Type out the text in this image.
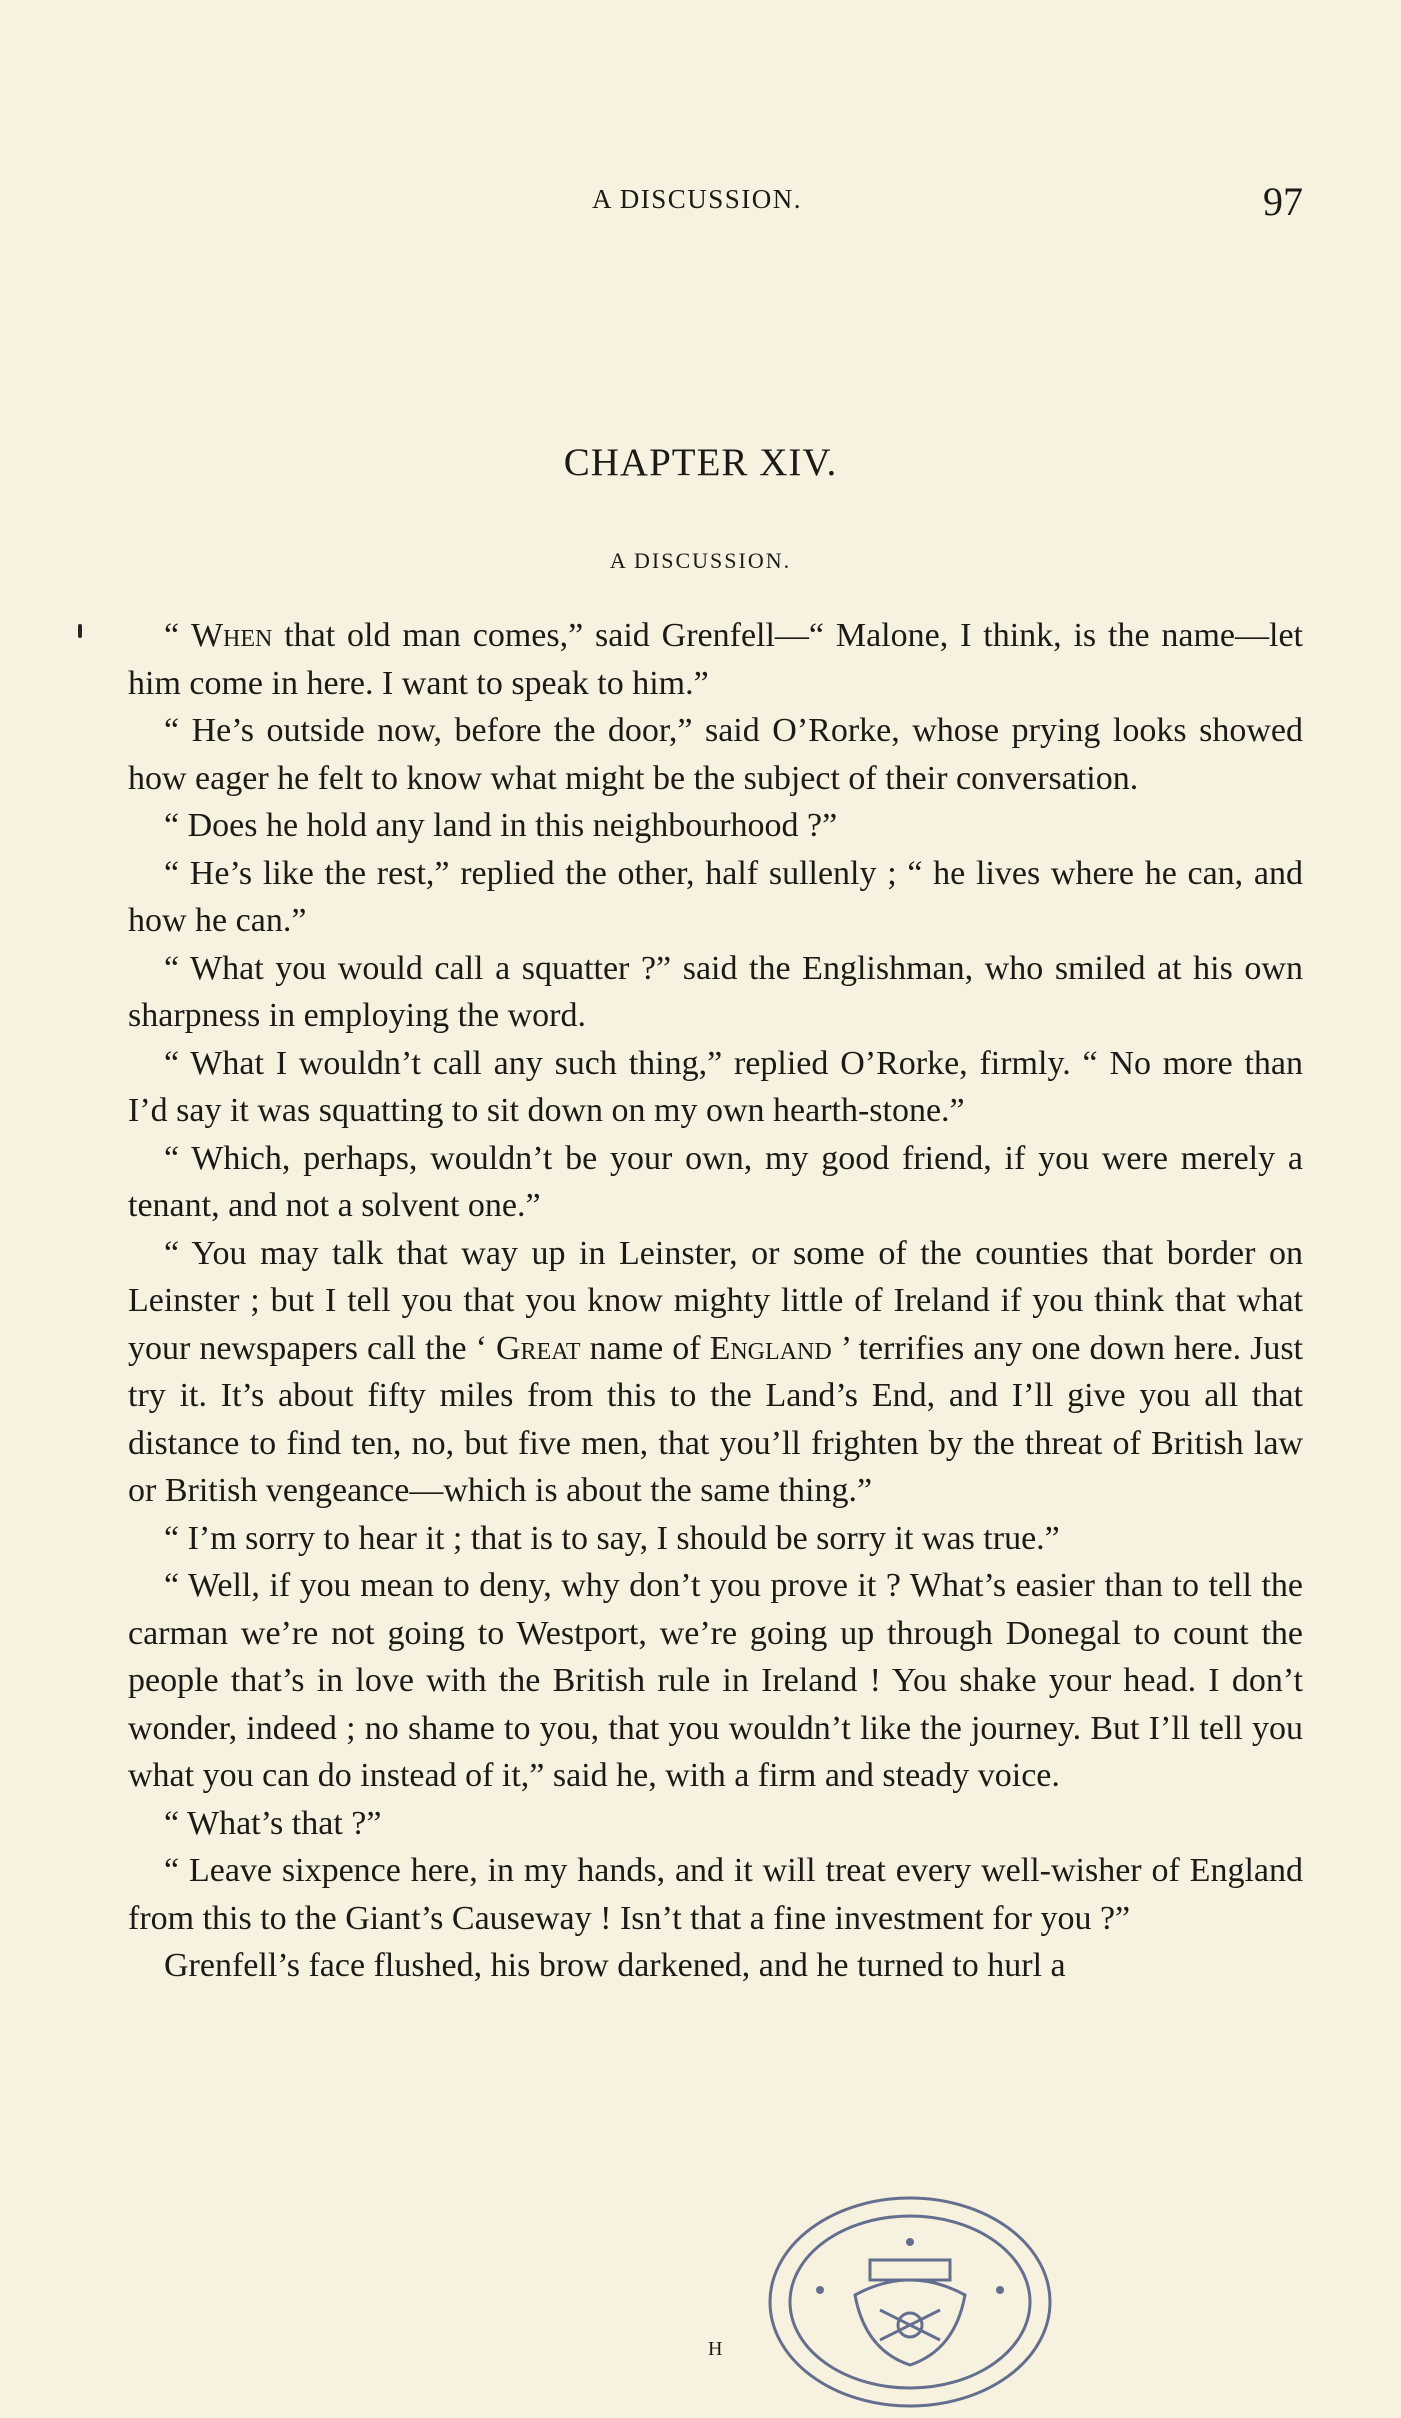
A DISCUSSION.	97
CHAPTER XIV.
A DISCUSSION.

“ When that old man comes,” said Grenfell—“ Malone, I think, is the name—let him come in here. I want to speak to him.”

“ He’s outside now, before the door,” said O’Rorke, whose prying looks showed how eager he felt to know what might be the subject of their conversation.

“ Does he hold any land in this neighbourhood ?”

“ He’s like the rest,” replied the other, half sullenly ; “ he lives where he can, and how he can.”

“ What you would call a squatter ?” said the Englishman, who smiled at his own sharpness in employing the word.

“ What I wouldn’t call any such thing,” replied O’Rorke, firmly. “ No more than I’d say it was squatting to sit down on my own hearth-stone.”

“ Which, perhaps, wouldn’t be your own, my good friend, if you were merely a tenant, and not a solvent one.”

“ You may talk that way up in Leinster, or some of the counties that border on Leinster ; but I tell you that you know mighty little of Ireland if you think that what your newspapers call the ‘ Great name of England ’ terrifies any one down here. Just try it. It’s about fifty miles from this to the Land’s End, and I’ll give you all that distance to find ten, no, but five men, that you’ll frighten by the threat of British law or British vengeance—which is about the same thing.”

“ I’m sorry to hear it ; that is to say, I should be sorry it was true.”

“ Well, if you mean to deny, why don’t you prove it ? What’s easier than to tell the carman we’re not going to Westport, we’re going up through Donegal to count the people that’s in love with the British rule in Ireland ! You shake your head. I don’t wonder, indeed ; no shame to you, that you wouldn’t like the journey. But I’ll tell you what you can do instead of it,” said he, with a firm and steady voice.

“ What’s that ?”

“ Leave sixpence here, in my hands, and it will treat every well-wisher of England from this to the Giant’s Causeway ! Isn’t that a fine investment for you ?”

Grenfell’s face flushed, his brow darkened, and he turned to hurl a

H
